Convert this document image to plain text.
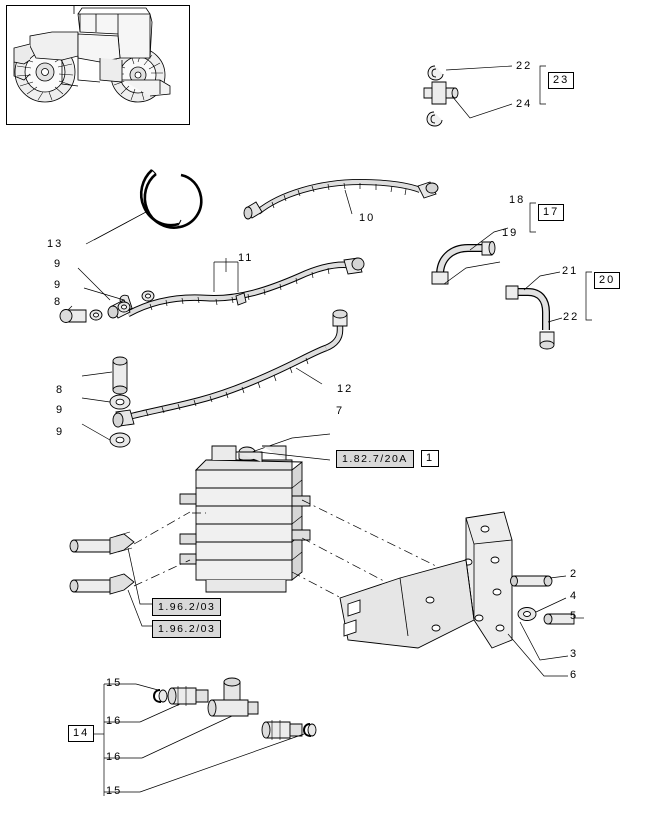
22
24
23
18
19
17
21
22
20
13
10
11
9
9
8
8
9
9
12
7
1.82.7/20A	1
1.96.2/03
1.96.2/03
2
4
5
3
6
15
16
16
15
14
